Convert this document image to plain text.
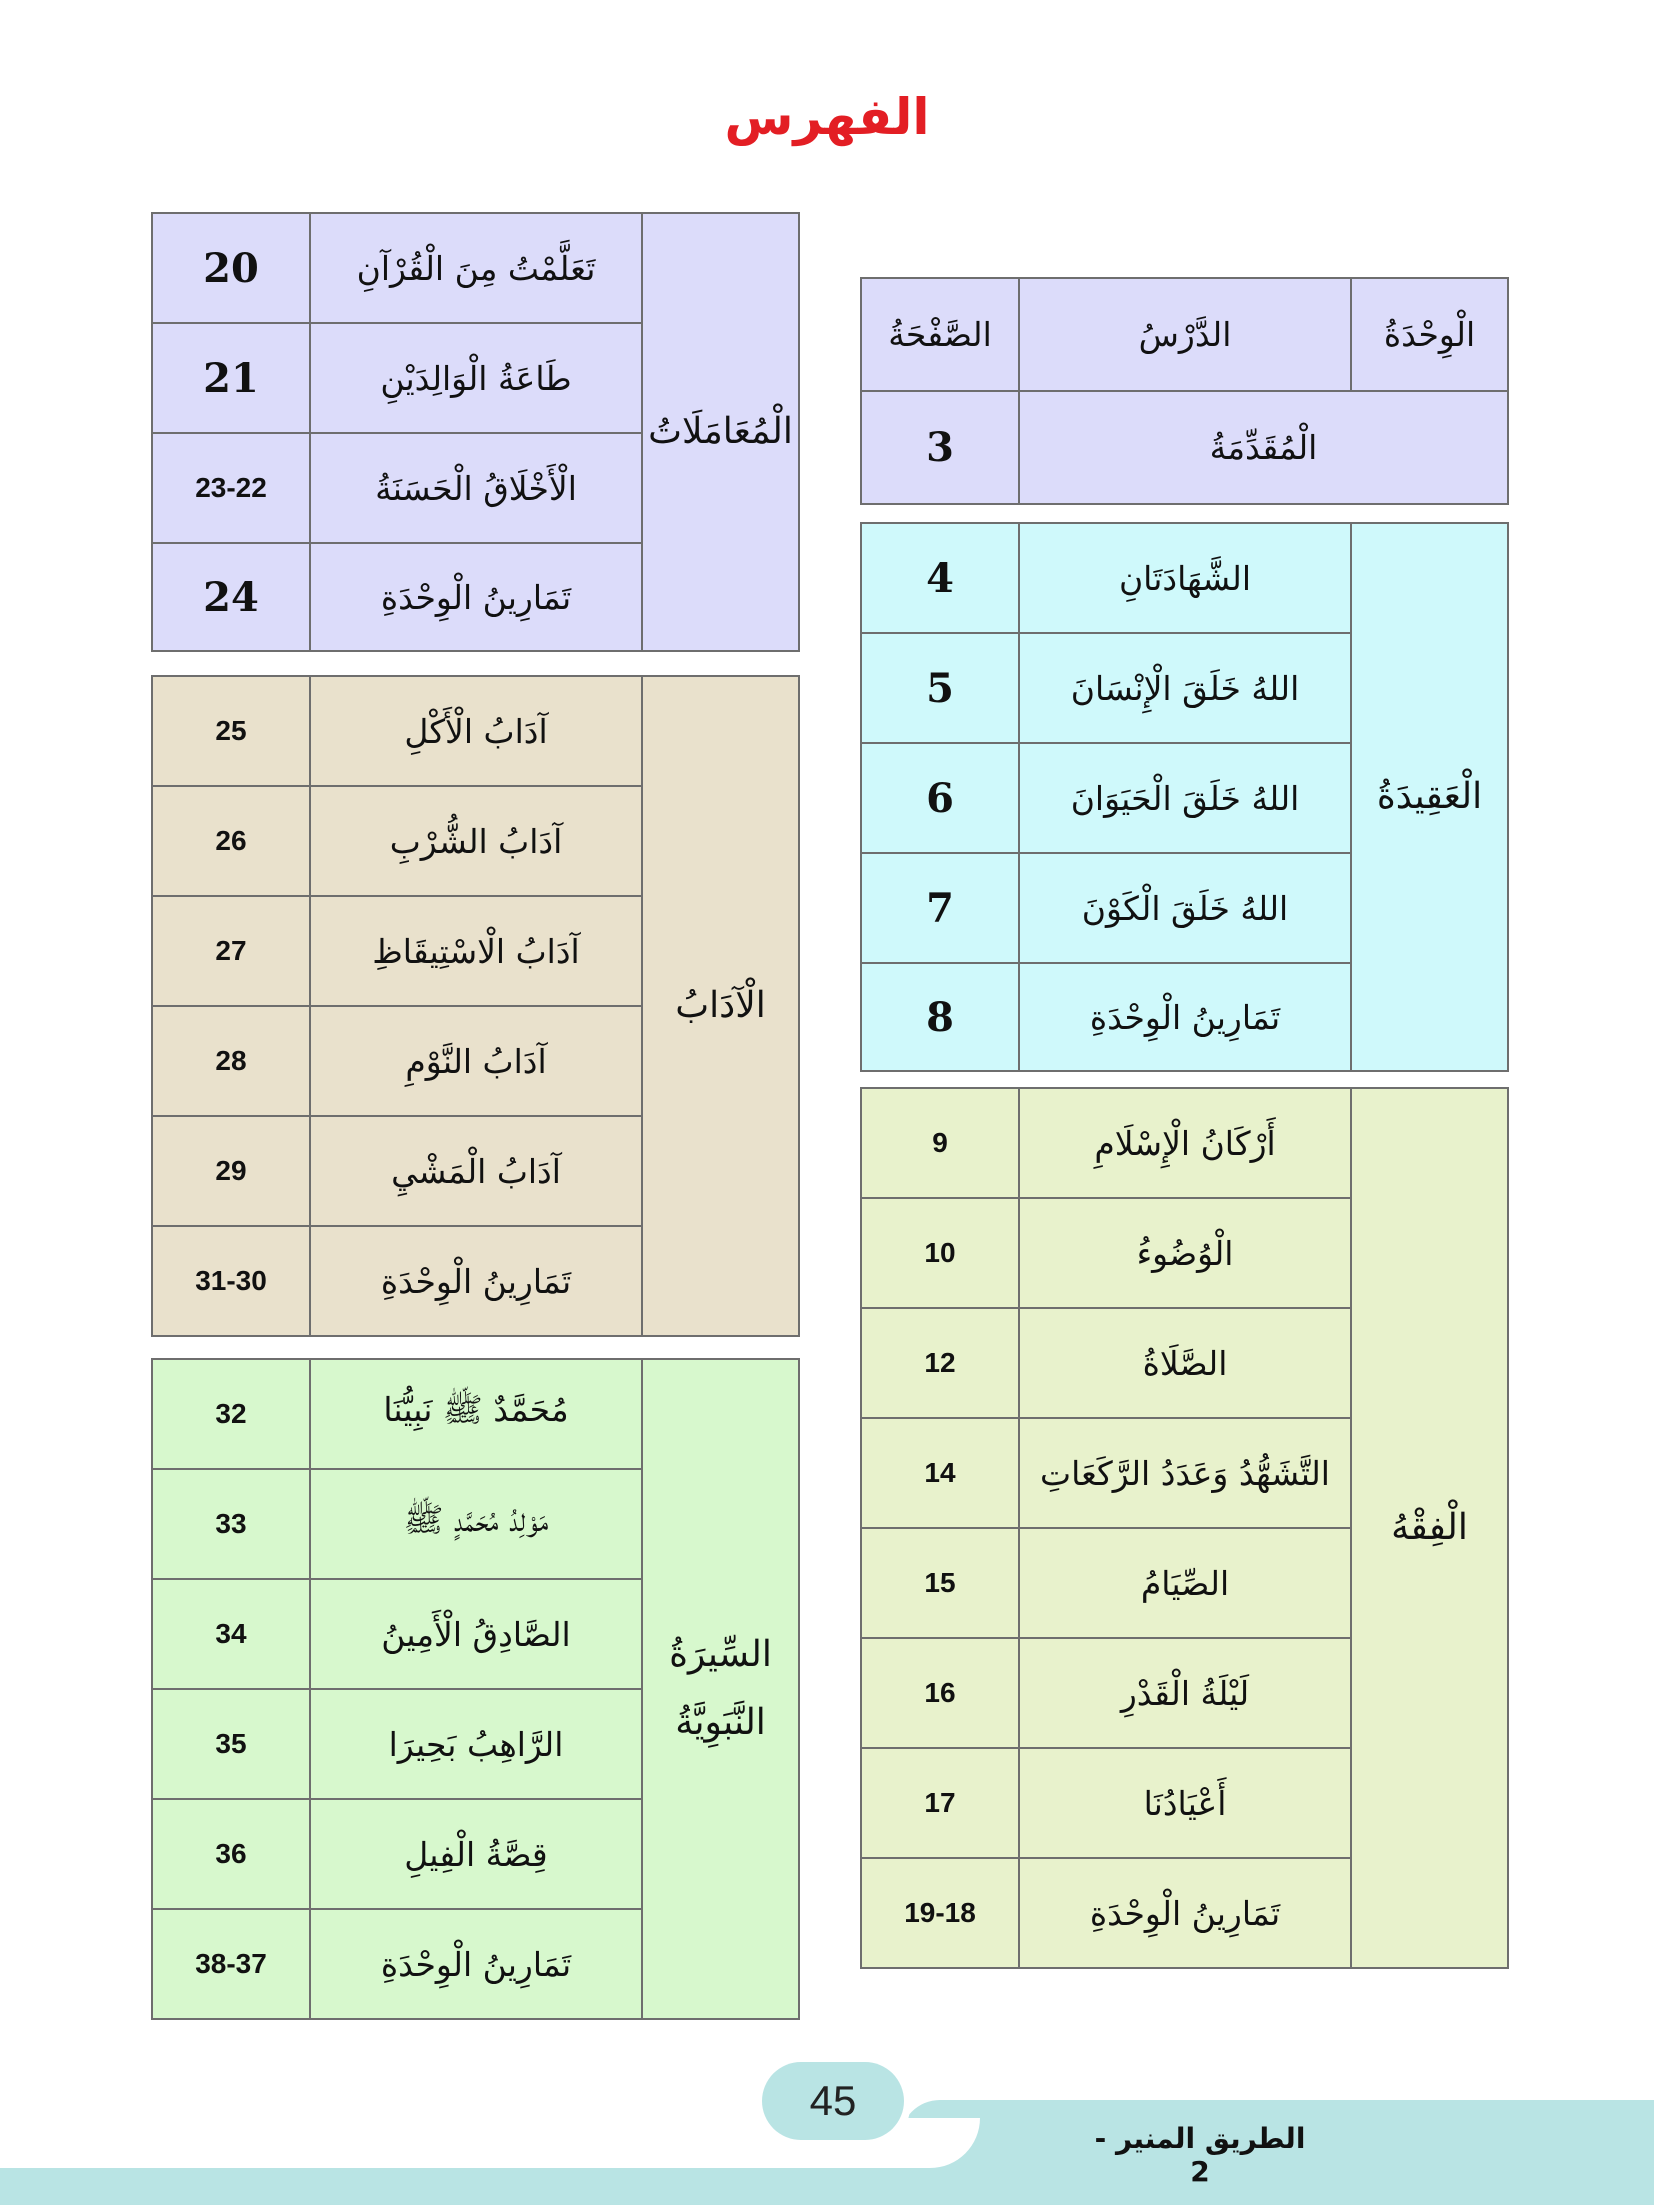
الفهرس
الْوِحْدَةُ	الدَّرْسُ	الصَّفْحَةُ
الْمُقَدِّمَةُ		3
الْعَقِيدَةُ	الشَّهَادَتَانِ	4
	اللهُ خَلَقَ الْإِنْسَانَ	5
	اللهُ خَلَقَ الْحَيَوَانَ	6
	اللهُ خَلَقَ الْكَوْنَ	7
	تَمَارِينُ الْوِحْدَةِ	8
الْفِقْهُ	أَرْكَانُ الْإِسْلَامِ	9
	الْوُضُوءُ	10
	الصَّلَاةُ	12
	التَّشَهُّدُ وَعَدَدُ الرَّكَعَاتِ	14
	الصِّيَامُ	15
	لَيْلَةُ الْقَدْرِ	16
	أَعْيَادُنَا	17
	تَمَارِينُ الْوِحْدَةِ	19-18
الْمُعَامَلَاتُ	تَعَلَّمْتُ مِنَ الْقُرْآنِ	20
	طَاعَةُ الْوَالِدَيْنِ	21
	الْأَخْلَاقُ الْحَسَنَةُ	23-22
	تَمَارِينُ الْوِحْدَةِ	24
الْآدَابُ	آدَابُ الْأَكْلِ	25
	آدَابُ الشُّرْبِ	26
	آدَابُ الْاسْتِيقَاظِ	27
	آدَابُ النَّوْمِ	28
	آدَابُ الْمَشْيِ	29
	تَمَارِينُ الْوِحْدَةِ	31-30
السِّيرَةُ
النَّبَوِيَّةُ	مُحَمَّدٌ ﷺ نَبِيُّنَا	32
	مَوْلِدُ مُحَمَّدٍ ﷺ	33
	الصَّادِقُ الْأَمِينُ	34
	الرَّاهِبُ بَحِيرَا	35
	قِصَّةُ الْفِيلِ	36
	تَمَارِينُ الْوِحْدَةِ	38-37
45
الطريق المنير - 2
